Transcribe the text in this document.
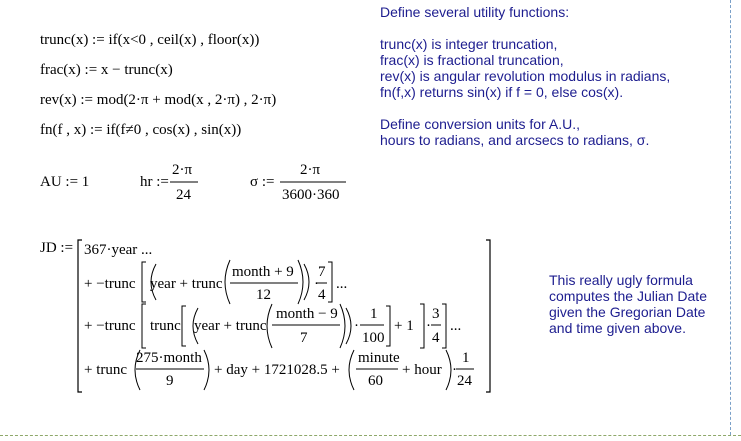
trunc(x) := if(x<0 , ceil(x) , floor(x))
frac(x) := x − trunc(x)
rev(x) := mod(2·π + mod(x , 2·π) , 2·π)
fn(f , x) := if(f≠0 , cos(x) , sin(x))
AU := 1	hr :=
2·π
24
σ :=
2·π
3600·360
JD := 367·year ...
+ −trunc year + trunc
month + 9
12
·
7
4
...
+ −trunc trunc year + trunc
month − 9
7
·
1
100
+ 1 ·
3
4
...
+ trunc
275·month
9
+ day + 1721028.5 +
minute
60
+ hour ·
1
24
Define several utility functions:
trunc(x) is integer truncation,
frac(x) is fractional truncation,
rev(x) is angular revolution modulus in radians,
fn(f,x) returns sin(x) if f = 0, else cos(x).
Define conversion units for A.U.,
hours to radians, and arcsecs to radians, σ.
This really ugly formula
computes the Julian Date
given the Gregorian Date
and time given above.
